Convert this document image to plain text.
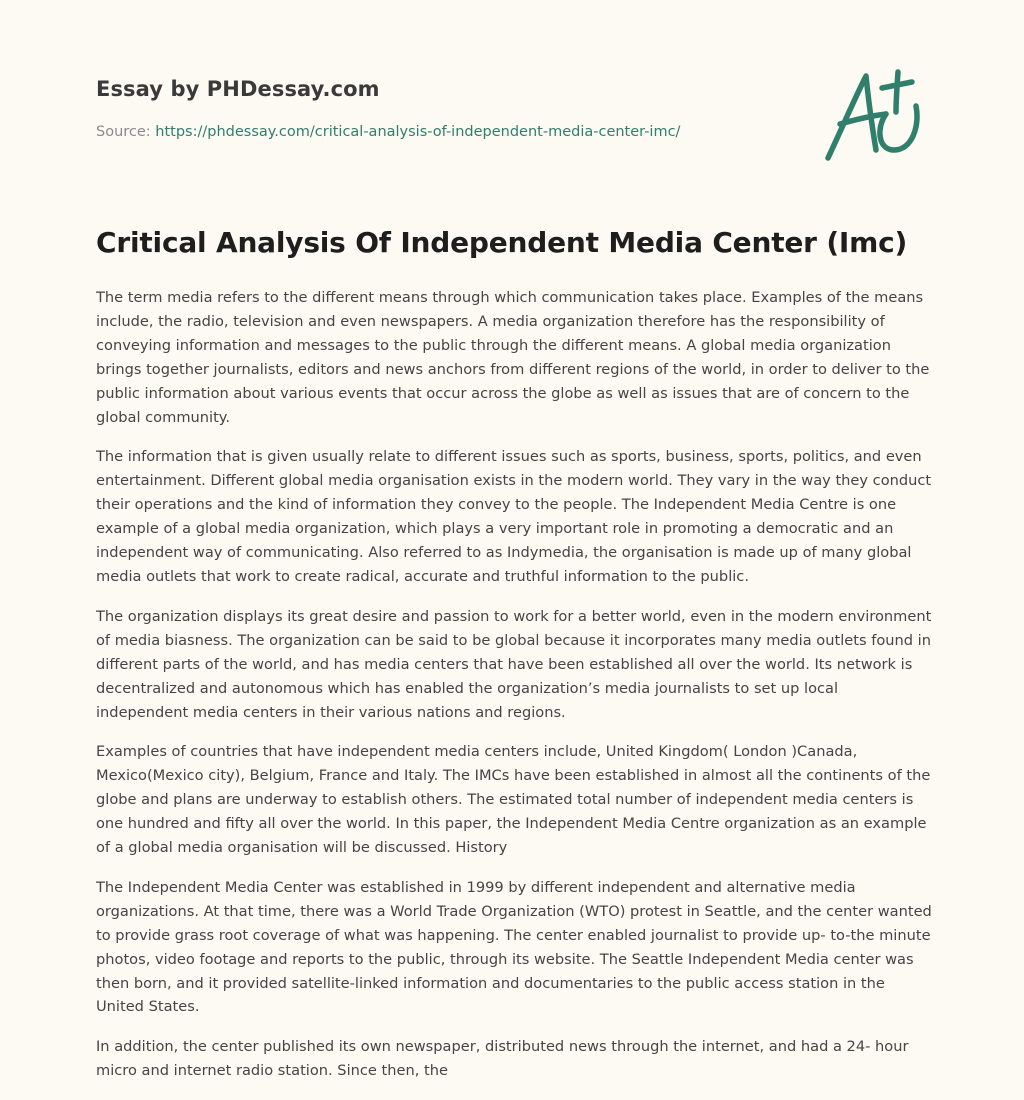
Essay by PHDessay.com
Source: https://phdessay.com/critical-analysis-of-independent-media-center-imc/
Critical Analysis Of Independent Media Center (Imc)

The term media refers to the different means through which communication takes place. Examples of the means include, the radio, television and even newspapers. A media organization therefore has the responsibility of conveying information and messages to the public through the different means. A global media organization brings together journalists, editors and news anchors from different regions of the world, in order to deliver to the public information about various events that occur across the globe as well as issues that are of concern to the global community.

The information that is given usually relate to different issues such as sports, business, sports, politics, and even entertainment. Different global media organisation exists in the modern world. They vary in the way they conduct their operations and the kind of information they convey to the people. The Independent Media Centre is one example of a global media organization, which plays a very important role in promoting a democratic and an independent way of communicating. Also referred to as Indymedia, the organisation is made up of many global media outlets that work to create radical, accurate and truthful information to the public.

The organization displays its great desire and passion to work for a better world, even in the modern environment of media biasness. The organization can be said to be global because it incorporates many media outlets found in different parts of the world, and has media centers that have been established all over the world. Its network is decentralized and autonomous which has enabled the organization’s media journalists to set up local independent media centers in their various nations and regions.

Examples of countries that have independent media centers include, United Kingdom( London )Canada, Mexico(Mexico city), Belgium, France and Italy. The IMCs have been established in almost all the continents of the globe and plans are underway to establish others. The estimated total number of independent media centers is one hundred and fifty all over the world. In this paper, the Independent Media Centre organization as an example of a global media organisation will be discussed. History

The Independent Media Center was established in 1999 by different independent and alternative media organizations. At that time, there was a World Trade Organization (WTO) protest in Seattle, and the center wanted to provide grass root coverage of what was happening. The center enabled journalist to provide up- to-the minute photos, video footage and reports to the public, through its website. The Seattle Independent Media center was then born, and it provided satellite-linked information and documentaries to the public access station in the United States.

In addition, the center published its own newspaper, distributed news through the internet, and had a 24- hour micro and internet radio station. Since then, the
